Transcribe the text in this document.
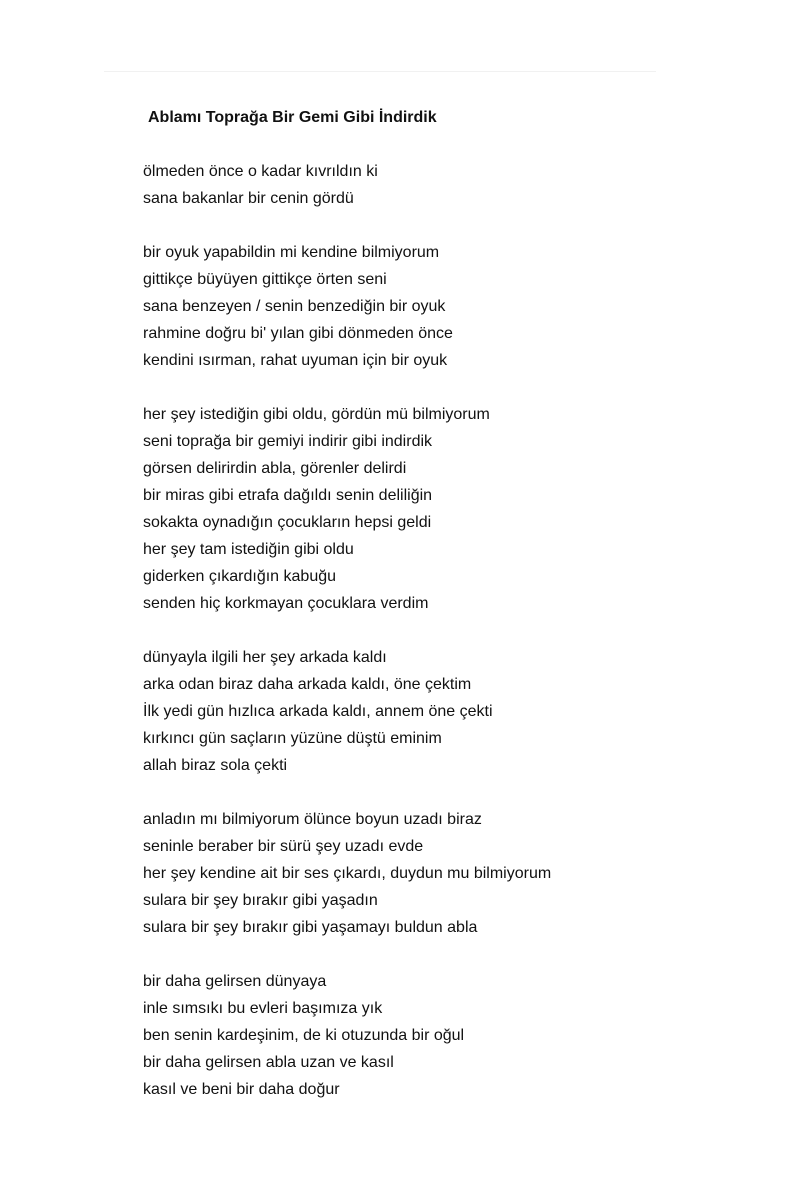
Ablamı Toprağa Bir Gemi Gibi İndirdik
ölmeden önce o kadar kıvrıldın ki
sana bakanlar bir cenin gördü
bir oyuk yapabildin mi kendine bilmiyorum
gittikçe büyüyen gittikçe örten seni
sana benzeyen / senin benzediğin bir oyuk
rahmine doğru bi' yılan gibi dönmeden önce
kendini ısırman, rahat uyuman için bir oyuk
her şey istediğin gibi oldu, gördün mü bilmiyorum
seni toprağa bir gemiyi indirir gibi indirdik
görsen delirirdin abla, görenler delirdi
bir miras gibi etrafa dağıldı senin deliliğin
sokakta oynadığın çocukların hepsi geldi
her şey tam istediğin gibi oldu
giderken çıkardığın kabuğu
senden hiç korkmayan çocuklara verdim
dünyayla ilgili her şey arkada kaldı
arka odan biraz daha arkada kaldı, öne çektim
İlk yedi gün hızlıca arkada kaldı, annem öne çekti
kırkıncı gün saçların yüzüne düştü eminim
allah biraz sola çekti
anladın mı bilmiyorum ölünce boyun uzadı biraz
seninle beraber bir sürü şey uzadı evde
her şey kendine ait bir ses çıkardı, duydun mu bilmiyorum
sulara bir şey bırakır gibi yaşadın
sulara bir şey bırakır gibi yaşamayı buldun abla
bir daha gelirsen dünyaya
inle sımsıkı bu evleri başımıza yık
ben senin kardeşinim, de ki otuzunda bir oğul
bir daha gelirsen abla uzan ve kasıl
kasıl ve beni bir daha doğur
